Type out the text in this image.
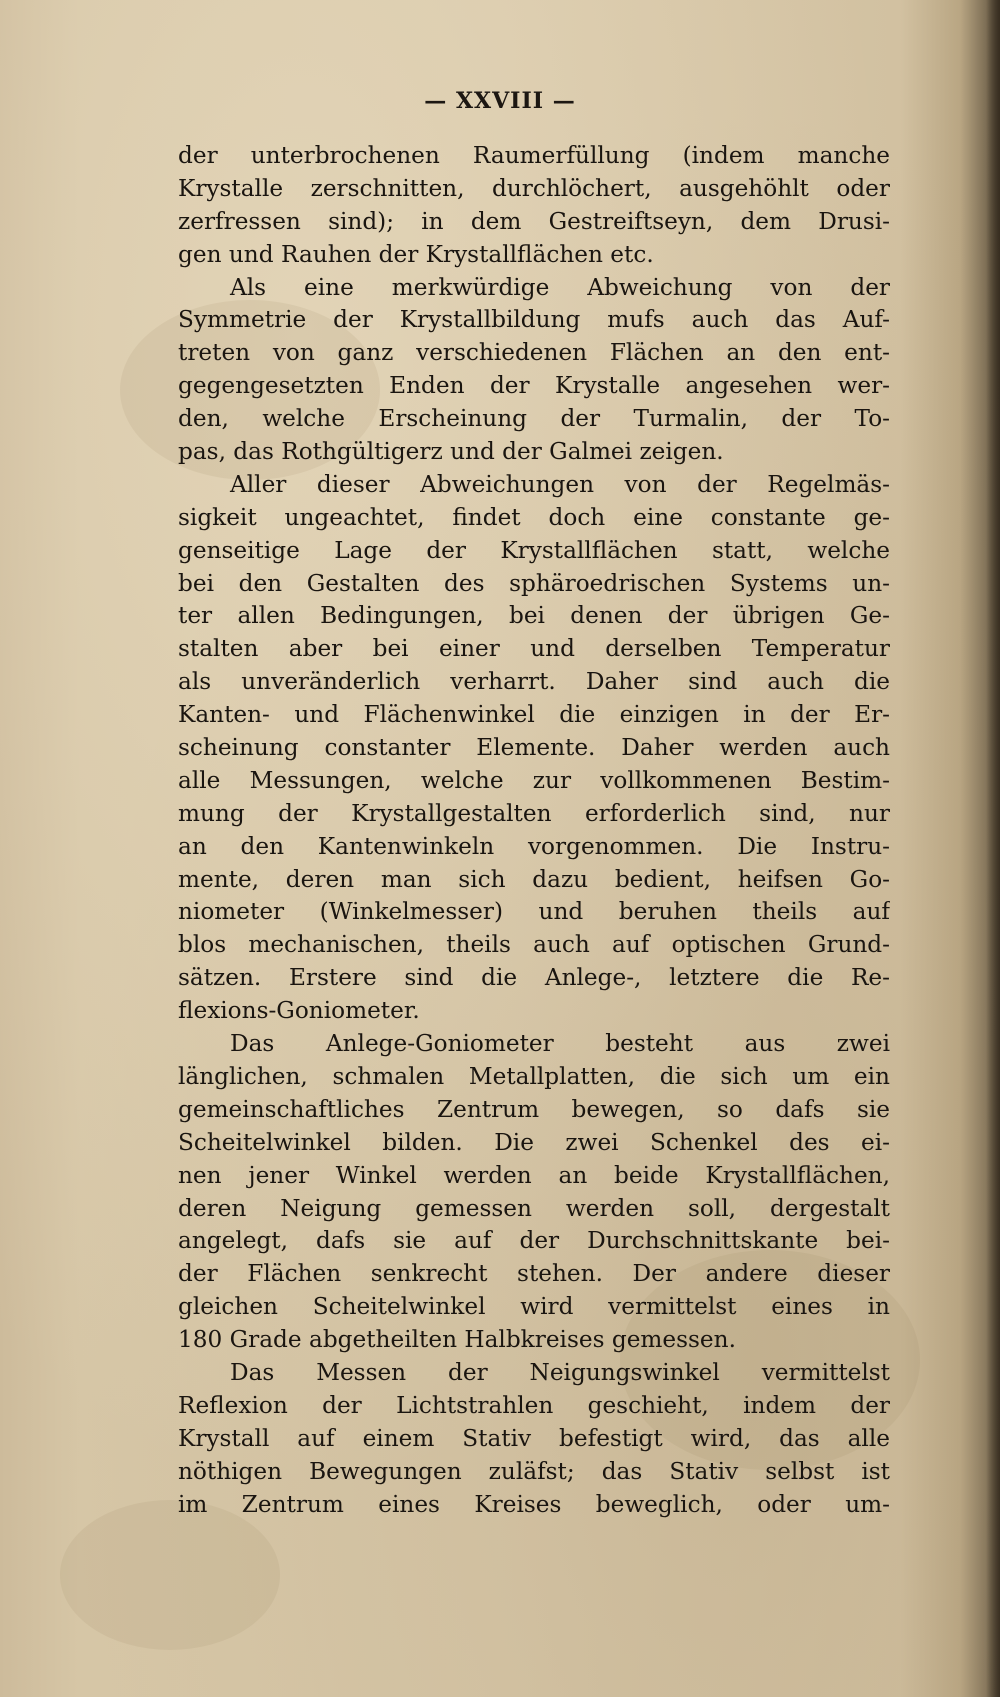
— XXVIII —
der unterbrochenen Raumerfüllung (indem manche
Krystalle zerschnitten, durchlöchert, ausgehöhlt oder
zerfressen sind); in dem Gestreiftseyn, dem Drusi-
gen und Rauhen der Krystallflächen etc.
Als eine merkwürdige Abweichung von der
Symmetrie der Krystallbildung mufs auch das Auf-
treten von ganz verschiedenen Flächen an den ent-
gegengesetzten Enden der Krystalle angesehen wer-
den, welche Erscheinung der Turmalin, der To-
pas, das Rothgültigerz und der Galmei zeigen.
Aller dieser Abweichungen von der Regelmäs-
sigkeit ungeachtet, findet doch eine constante ge-
genseitige Lage der Krystallflächen statt, welche
bei den Gestalten des sphäroedrischen Systems un-
ter allen Bedingungen, bei denen der übrigen Ge-
stalten aber bei einer und derselben Temperatur
als unveränderlich verharrt. Daher sind auch die
Kanten- und Flächenwinkel die einzigen in der Er-
scheinung constanter Elemente. Daher werden auch
alle Messungen, welche zur vollkommenen Bestim-
mung der Krystallgestalten erforderlich sind, nur
an den Kantenwinkeln vorgenommen. Die Instru-
mente, deren man sich dazu bedient, heifsen Go-
niometer (Winkelmesser) und beruhen theils auf
blos mechanischen, theils auch auf optischen Grund-
sätzen. Erstere sind die Anlege-, letztere die Re-
flexions-Goniometer.
Das Anlege-Goniometer besteht aus zwei
länglichen, schmalen Metallplatten, die sich um ein
gemeinschaftliches Zentrum bewegen, so dafs sie
Scheitelwinkel bilden. Die zwei Schenkel des ei-
nen jener Winkel werden an beide Krystallflächen,
deren Neigung gemessen werden soll, dergestalt
angelegt, dafs sie auf der Durchschnittskante bei-
der Flächen senkrecht stehen. Der andere dieser
gleichen Scheitelwinkel wird vermittelst eines in
180 Grade abgetheilten Halbkreises gemessen.
Das Messen der Neigungswinkel vermittelst
Reflexion der Lichtstrahlen geschieht, indem der
Krystall auf einem Stativ befestigt wird, das alle
nöthigen Bewegungen zuläfst; das Stativ selbst ist
im Zentrum eines Kreises beweglich, oder um-
